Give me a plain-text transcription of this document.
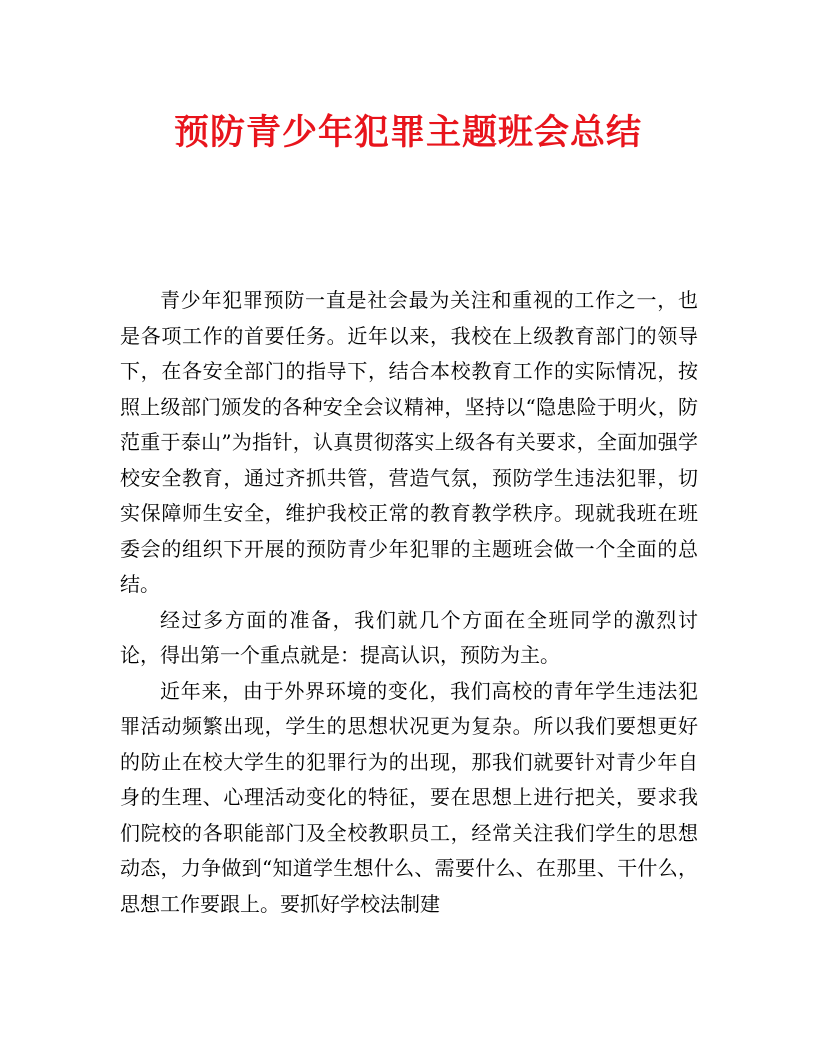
预防青少年犯罪主题班会总结

青少年犯罪预防一直是社会最为关注和重视的工作之一，也是各项工作的首要任务。近年以来，我校在上级教育部门的领导下，在各安全部门的指导下，结合本校教育工作的实际情况，按照上级部门颁发的各种安全会议精神，坚持以“隐患险于明火，防范重于泰山”为指针，认真贯彻落实上级各有关要求，全面加强学校安全教育，通过齐抓共管，营造气氛，预防学生违法犯罪，切实保障师生安全，维护我校正常的教育教学秩序。现就我班在班委会的组织下开展的预防青少年犯罪的主题班会做一个全面的总结。

经过多方面的准备，我们就几个方面在全班同学的激烈讨论，得出第一个重点就是：提高认识，预防为主。

近年来，由于外界环境的变化，我们高校的青年学生违法犯罪活动频繁出现，学生的思想状况更为复杂。所以我们要想更好的防止在校大学生的犯罪行为的出现，那我们就要针对青少年自身的生理、心理活动变化的特征，要在思想上进行把关，要求我们院校的各职能部门及全校教职员工，经常关注我们学生的思想动态，力争做到“知道学生想什么、需要什么、在那里、干什么，思想工作要跟上。要抓好学校法制建
